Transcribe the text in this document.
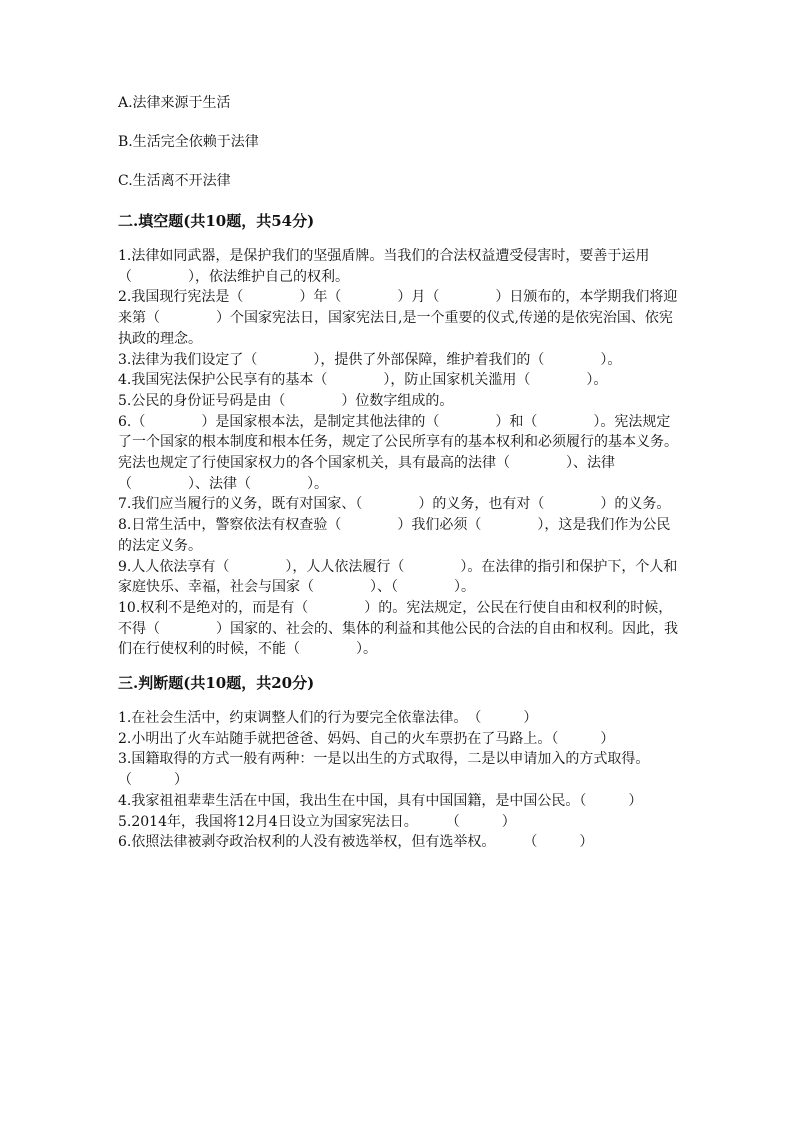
A.法律来源于生活

B.生活完全依赖于法律

C.生活离不开法律

二.填空题(共10题，共54分)

1.法律如同武器，是保护我们的坚强盾牌。当我们的合法权益遭受侵害时，要善于运用（　　　　），依法维护自己的权利。

2.我国现行宪法是（　　　　）年（　　　　）月（　　　　）日颁布的，本学期我们将迎来第（　　　　）个国家宪法日，国家宪法日,是一个重要的仪式,传递的是依宪治国、依宪执政的理念。

3.法律为我们设定了（　　　　），提供了外部保障，维护着我们的（　　　　）。

4.我国宪法保护公民享有的基本（　　　　），防止国家机关滥用（　　　　）。

5.公民的身份证号码是由（　　　　）位数字组成的。

6.（　　　　）是国家根本法，是制定其他法律的（　　　　）和（　　　　）。宪法规定了一个国家的根本制度和根本任务，规定了公民所享有的基本权利和必须履行的基本义务。宪法也规定了行使国家权力的各个国家机关，具有最高的法律（　　　　）、法律（　　　　）、法律（　　　　）。

7.我们应当履行的义务，既有对国家、（　　　　）的义务，也有对（　　　　）的义务。

8.日常生活中，警察依法有权查验（　　　　）我们必须（　　　　），这是我们作为公民的法定义务。

9.人人依法享有（　　　　），人人依法履行（　　　　）。在法律的指引和保护下，个人和家庭快乐、幸福，社会与国家（　　　　）、（　　　　）。

10.权利不是绝对的，而是有（　　　　）的。宪法规定，公民在行使自由和权利的时候，不得（　　　　）国家的、社会的、集体的利益和其他公民的合法的自由和权利。因此，我们在行使权利的时候，不能（　　　　）。

三.判断题(共10题，共20分)

1.在社会生活中，约束调整人们的行为要完全依靠法律。　（　　　）

2.小明出了火车站随手就把爸爸、妈妈、自己的火车票扔在了马路上。（　　　）

3.国籍取得的方式一般有两种：一是以出生的方式取得，二是以申请加入的方式取得。　　（　　　）

4.我家祖祖辈辈生活在中国，我出生在中国，具有中国国籍，是中国公民。（　　　）

5.2014年，我国将12月4日设立为国家宪法日。　　　（　　　）

6.依照法律被剥夺政治权利的人没有被选举权，但有选举权。　　　（　　　）
